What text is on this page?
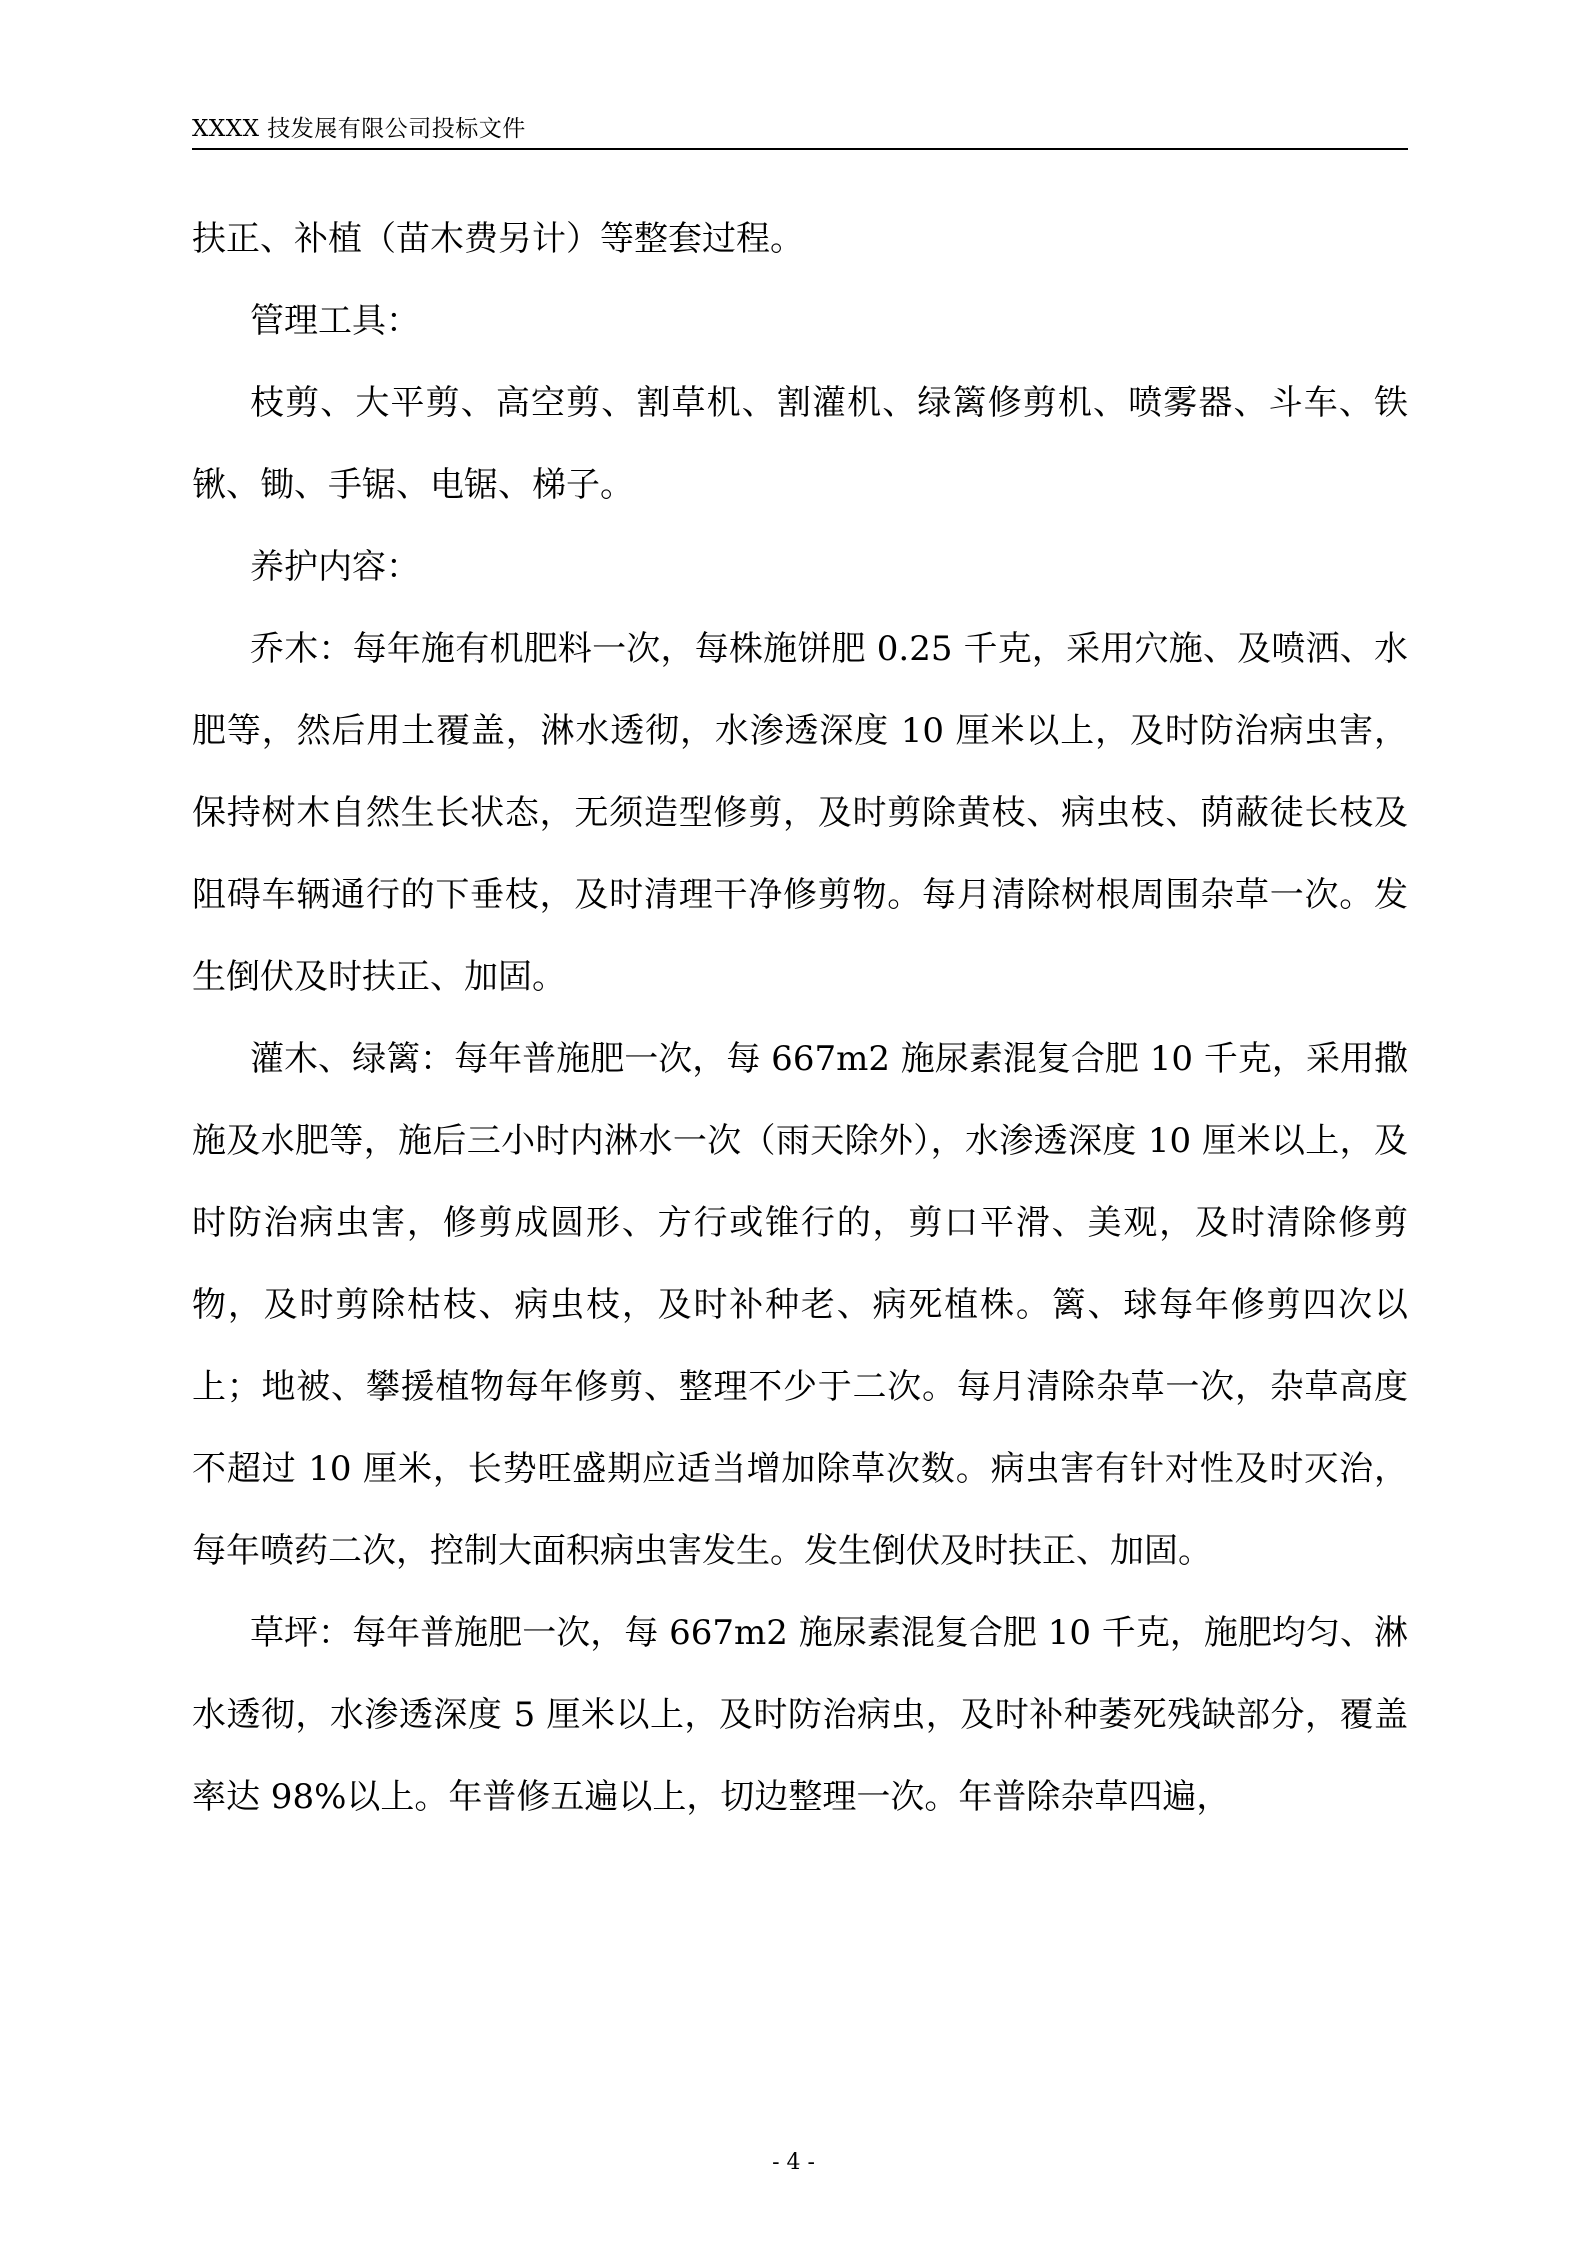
XXXX 技发展有限公司投标文件

扶正、补植（苗木费另计）等整套过程。

管理工具：

枝剪、大平剪、高空剪、割草机、割灌机、绿篱修剪机、喷雾器、斗车、铁锹、锄、手锯、电锯、梯子。

养护内容：

乔木：每年施有机肥料一次，每株施饼肥 0.25 千克，采用穴施、及喷洒、水肥等，然后用土覆盖，淋水透彻，水渗透深度 10 厘米以上，及时防治病虫害，保持树木自然生长状态，无须造型修剪，及时剪除黄枝、病虫枝、荫蔽徒长枝及阻碍车辆通行的下垂枝，及时清理干净修剪物。每月清除树根周围杂草一次。发生倒伏及时扶正、加固。

灌木、绿篱：每年普施肥一次，每 667m2 施尿素混复合肥 10 千克，采用撒施及水肥等，施后三小时内淋水一次（雨天除外），水渗透深度 10 厘米以上，及时防治病虫害，修剪成圆形、方行或锥行的，剪口平滑、美观，及时清除修剪物，及时剪除枯枝、病虫枝，及时补种老、病死植株。篱、球每年修剪四次以上；地被、攀援植物每年修剪、整理不少于二次。每月清除杂草一次，杂草高度不超过 10 厘米，长势旺盛期应适当增加除草次数。病虫害有针对性及时灭治，每年喷药二次，控制大面积病虫害发生。发生倒伏及时扶正、加固。

草坪：每年普施肥一次，每 667m2 施尿素混复合肥 10 千克，施肥均匀、淋水透彻，水渗透深度 5 厘米以上，及时防治病虫，及时补种萎死残缺部分，覆盖率达 98%以上。年普修五遍以上，切边整理一次。年普除杂草四遍，

- 4 -
